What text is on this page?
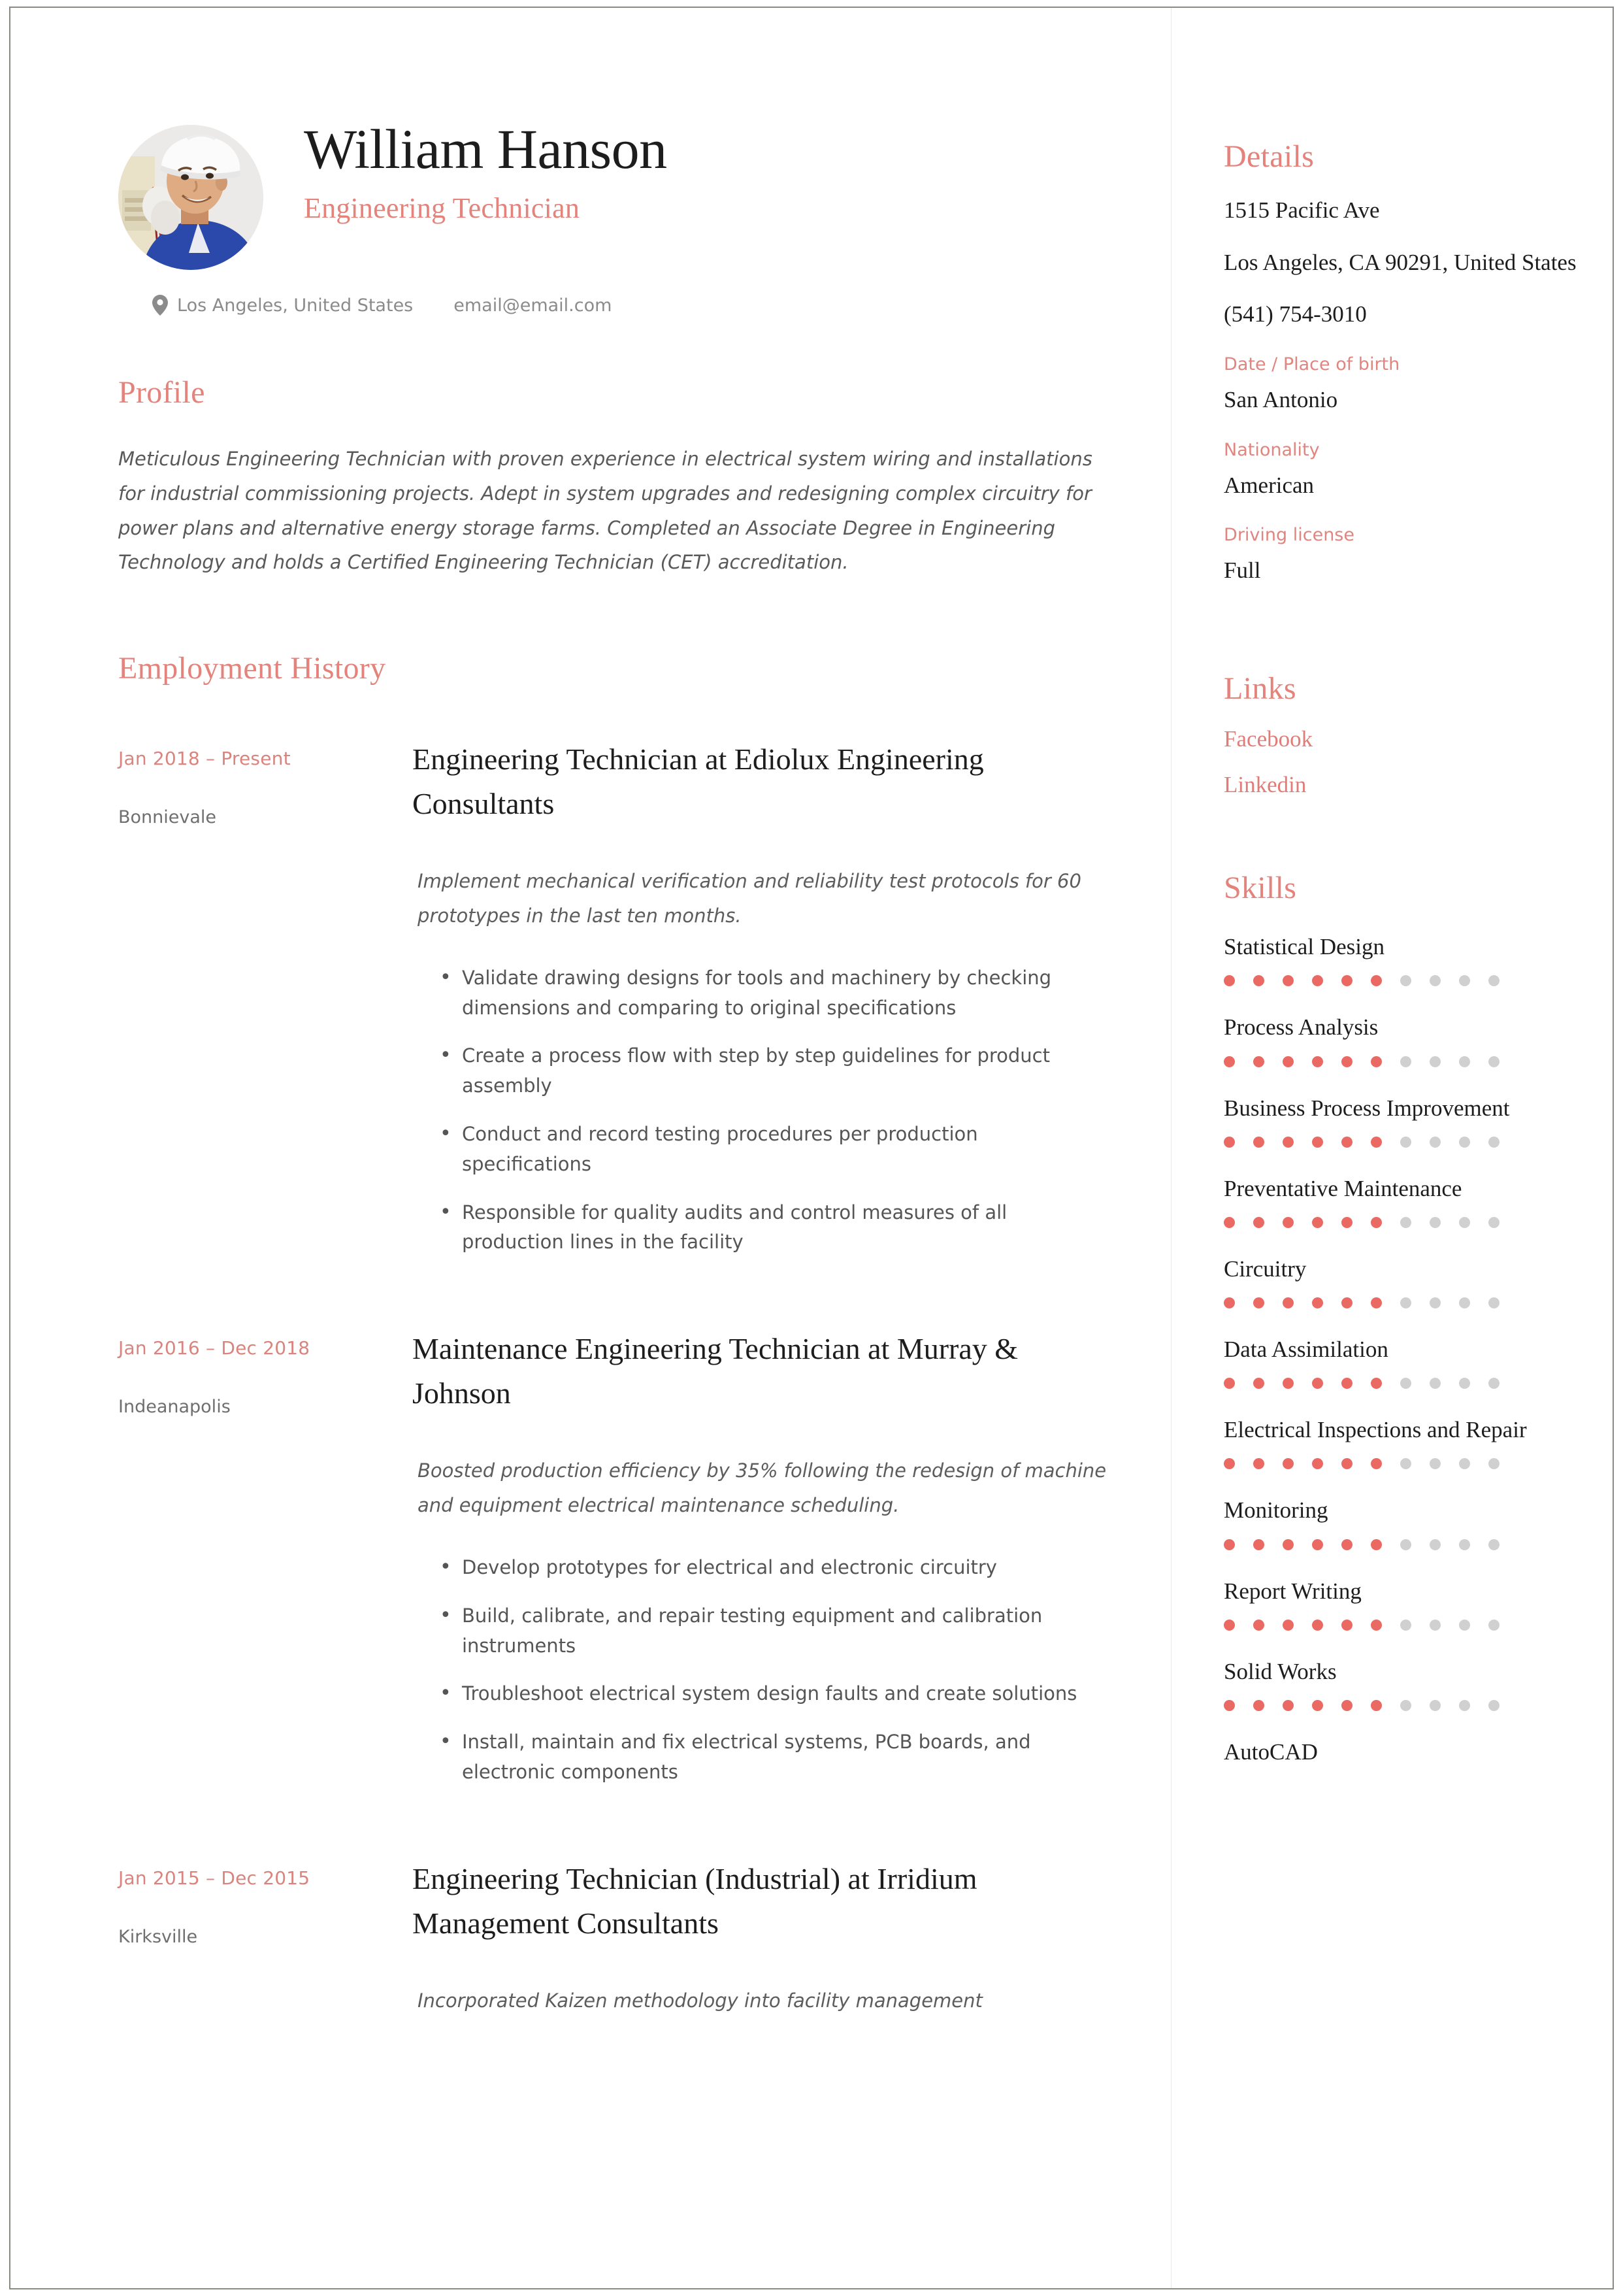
William Hanson
Engineering Technician
Los Angeles, United States email@email.com
Profile
Meticulous Engineering Technician with proven experience in electrical system wiring and installations for industrial commissioning projects. Adept in system upgrades and redesigning complex circuitry for power plans and alternative energy storage farms. Completed an Associate Degree in Engineering Technology and holds a Certified Engineering Technician (CET) accreditation.
Employment History
Jan 2018 – Present
Bonnievale
Engineering Technician at Ediolux Engineering Consultants
Implement mechanical verification and reliability test protocols for 60 prototypes in the last ten months.
• Validate drawing designs for tools and machinery by checking dimensions and comparing to original specifications
• Create a process flow with step by step guidelines for product assembly
• Conduct and record testing procedures per production specifications
• Responsible for quality audits and control measures of all production lines in the facility
Jan 2016 – Dec 2018
Indeanapolis
Maintenance Engineering Technician at Murray & Johnson
Boosted production efficiency by 35% following the redesign of machine and equipment electrical maintenance scheduling.
• Develop prototypes for electrical and electronic circuitry
• Build, calibrate, and repair testing equipment and calibration instruments
• Troubleshoot electrical system design faults and create solutions
• Install, maintain and fix electrical systems, PCB boards, and electronic components
Jan 2015 – Dec 2015
Kirksville
Engineering Technician (Industrial) at Irridium Management Consultants
Incorporated Kaizen methodology into facility management
Details
1515 Pacific Ave
Los Angeles, CA 90291, United States
(541) 754-3010
Date / Place of birth
San Antonio
Nationality
American
Driving license
Full
Links
Facebook
Linkedin
Skills
Statistical Design
Process Analysis
Business Process Improvement
Preventative Maintenance
Circuitry
Data Assimilation
Electrical Inspections and Repair
Monitoring
Report Writing
Solid Works
AutoCAD
